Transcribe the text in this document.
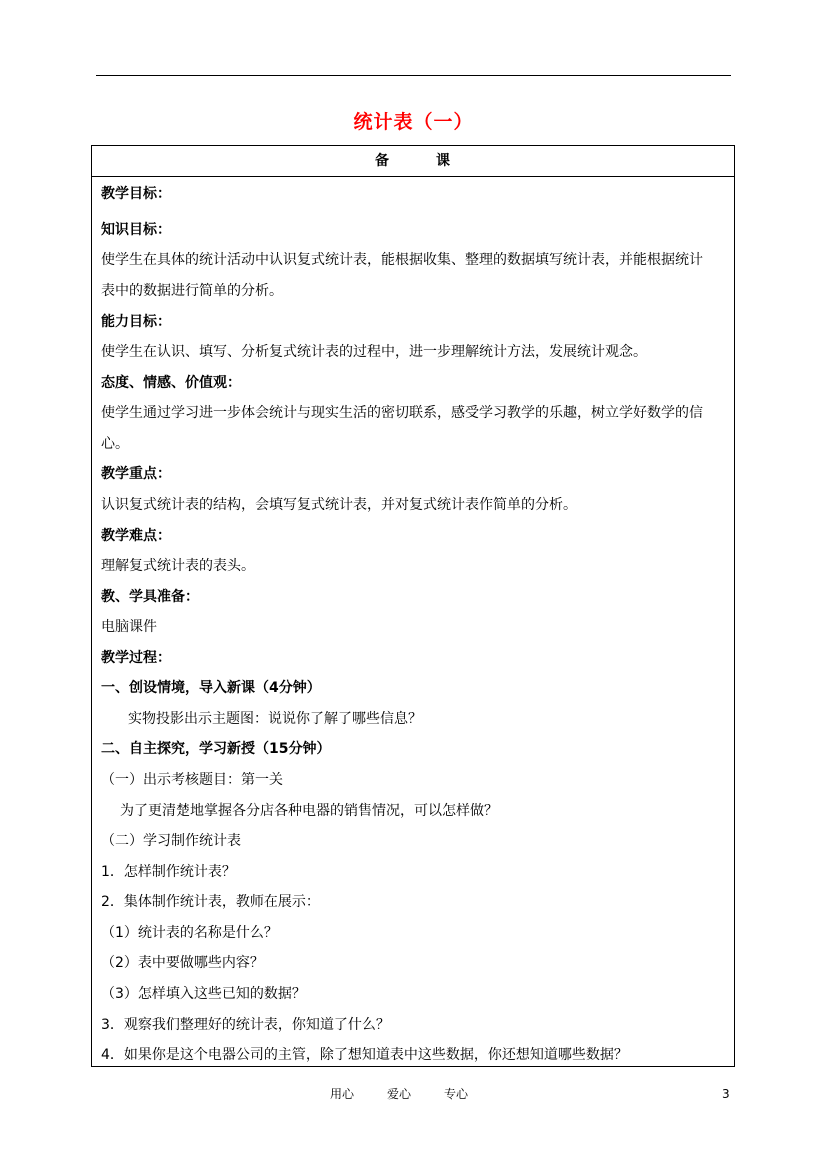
统计表（一）
备	课
教学目标：
知识目标：
使学生在具体的统计活动中认识复式统计表，能根据收集、整理的数据填写统计表，并能根据统计
表中的数据进行简单的分析。
能力目标：
使学生在认识、填写、分析复式统计表的过程中，进一步理解统计方法，发展统计观念。
态度、情感、价值观：
使学生通过学习进一步体会统计与现实生活的密切联系，感受学习教学的乐趣，树立学好数学的信
心。
教学重点：
认识复式统计表的结构，会填写复式统计表，并对复式统计表作简单的分析。
教学难点：
理解复式统计表的表头。
教、学具准备：
电脑课件
教学过程：
一、创设情境，导入新课（4分钟）
实物投影出示主题图：说说你了解了哪些信息？
二、自主探究，学习新授（15分钟）
（一）出示考核题目：第一关
为了更清楚地掌握各分店各种电器的销售情况，可以怎样做？
（二）学习制作统计表
1．怎样制作统计表？
2．集体制作统计表，教师在展示：
（1）统计表的名称是什么？
（2）表中要做哪些内容？
（3）怎样填入这些已知的数据？
3．观察我们整理好的统计表，你知道了什么？
4．如果你是这个电器公司的主管，除了想知道表中这些数据，你还想知道哪些数据？
用心	爱心	专心	3
